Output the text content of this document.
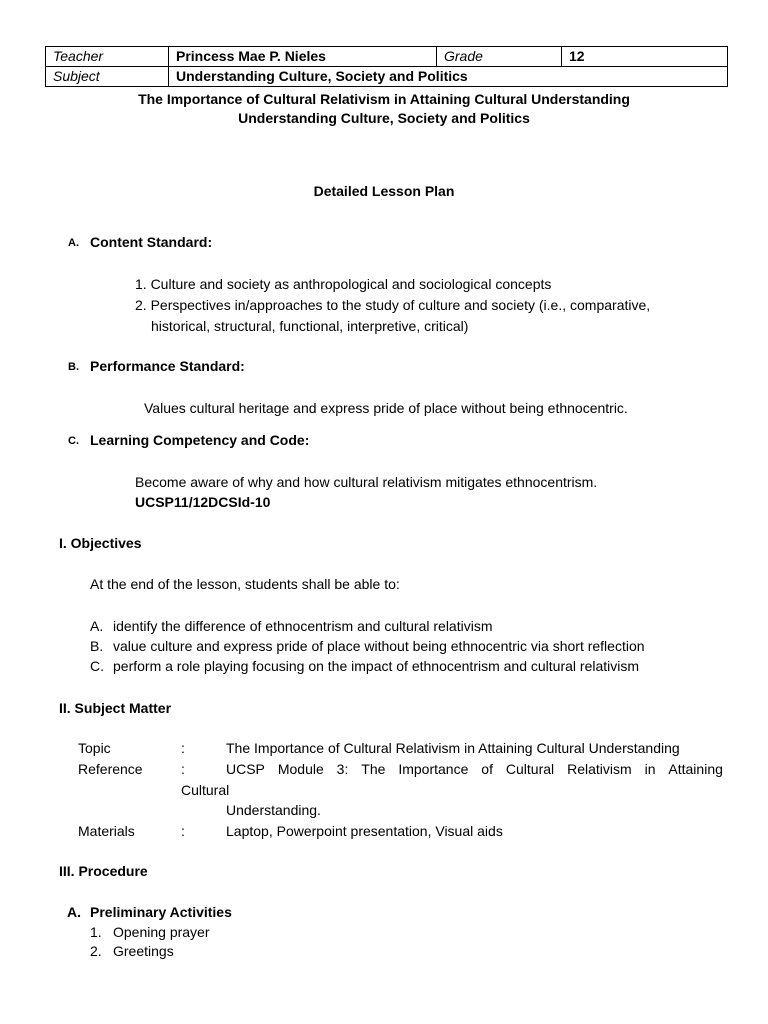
Teacher	Princess Mae P. Nieles	Grade	12
Subject	Understanding Culture, Society and Politics		
The Importance of Cultural Relativism in Attaining Cultural Understanding
Understanding Culture, Society and Politics
Detailed Lesson Plan
A. Content Standard:
1. Culture and society as anthropological and sociological concepts
2. Perspectives in/approaches to the study of culture and society (i.e., comparative,
historical, structural, functional, interpretive, critical)
B. Performance Standard:
Values cultural heritage and express pride of place without being ethnocentric.
C. Learning Competency and Code:
Become aware of why and how cultural relativism mitigates ethnocentrism.
UCSP11/12DCSId-10
I. Objectives
At the end of the lesson, students shall be able to:
A. identify the difference of ethnocentrism and cultural relativism
B. value culture and express pride of place without being ethnocentric via short reflection
C. perform a role playing focusing on the impact of ethnocentrism and cultural relativism
II. Subject Matter
Topic	:	The Importance of Cultural Relativism in Attaining Cultural Understanding
Reference	:	UCSP Module 3: The Importance of Cultural Relativism in Attaining
Cultural
Understanding.
Materials	:	Laptop, Powerpoint presentation, Visual aids
III. Procedure
A. Preliminary Activities
1. Opening prayer
2. Greetings
